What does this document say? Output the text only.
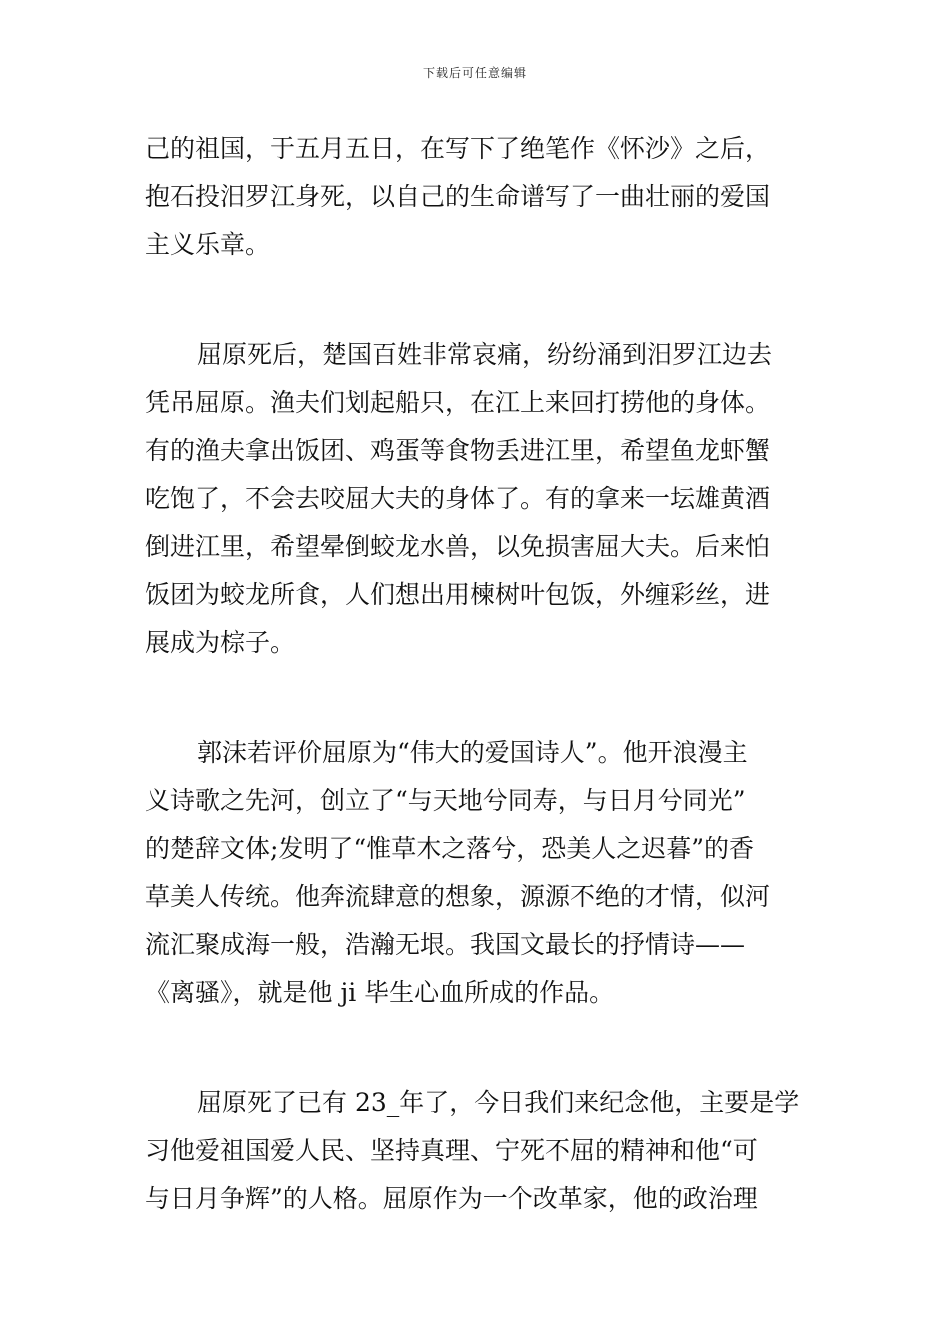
下载后可任意编辑
己的祖国，于五月五日，在写下了绝笔作《怀沙》之后，
抱石投汨罗江身死，以自己的生命谱写了一曲壮丽的爱国
主义乐章。
屈原死后，楚国百姓非常哀痛，纷纷涌到汨罗江边去
凭吊屈原。渔夫们划起船只，在江上来回打捞他的身体。
有的渔夫拿出饭团、鸡蛋等食物丢进江里，希望鱼龙虾蟹
吃饱了，不会去咬屈大夫的身体了。有的拿来一坛雄黄酒
倒进江里，希望晕倒蛟龙水兽，以免损害屈大夫。后来怕
饭团为蛟龙所食，人们想出用楝树叶包饭，外缠彩丝，进
展成为棕子。
郭沫若评价屈原为“伟大的爱国诗人”。他开浪漫主
义诗歌之先河，创立了“与天地兮同寿，与日月兮同光”
的楚辞文体;发明了“惟草木之落兮，恐美人之迟暮”的香
草美人传统。他奔流肆意的想象，源源不绝的才情，似河
流汇聚成海一般，浩瀚无垠。我国文最长的抒情诗——
《离骚》，就是他 ji 毕生心血所成的作品。
屈原死了已有 23_年了，今日我们来纪念他，主要是学
习他爱祖国爱人民、坚持真理、宁死不屈的精神和他“可
与日月争辉”的人格。屈原作为一个改革家，他的政治理
